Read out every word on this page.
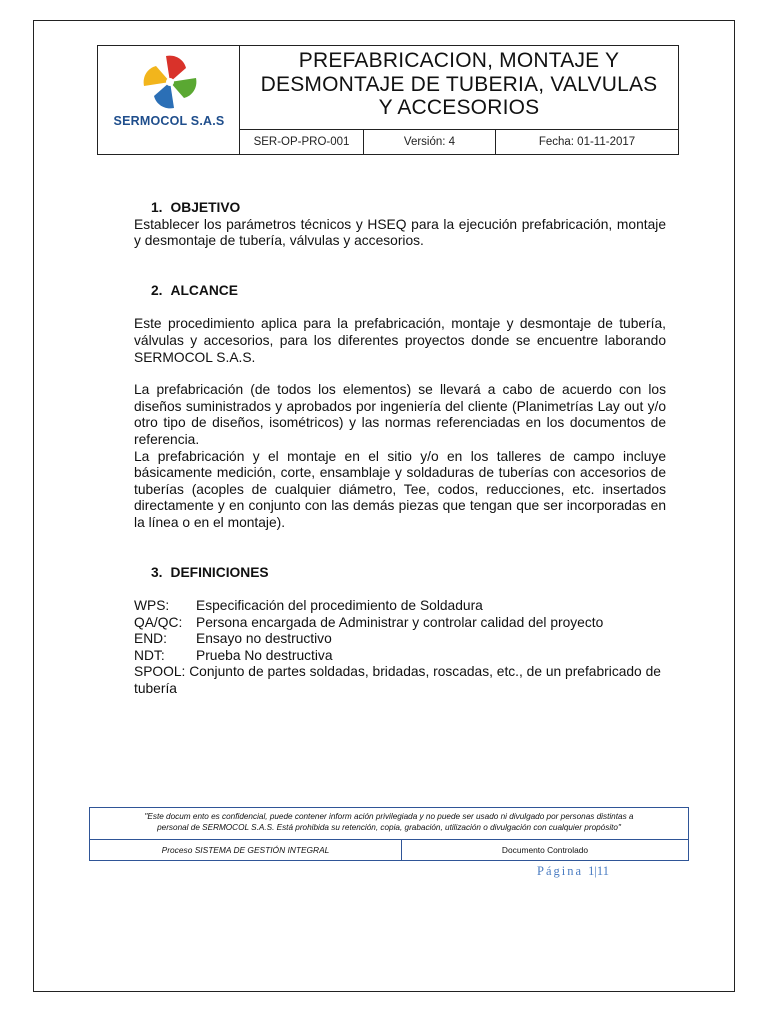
SERMOCOL S.A.S
PREFABRICACION, MONTAJE Y
DESMONTAJE DE TUBERIA, VALVULAS
Y ACCESORIOS
SER-OP-PRO-001	Versión: 4	Fecha: 01-11-2017
1. OBJETIVO

Establecer los parámetros técnicos y HSEQ para la ejecución prefabricación, montaje y desmontaje de tubería, válvulas y accesorios.

2. ALCANCE

Este procedimiento aplica para la prefabricación, montaje y desmontaje de tubería, válvulas y accesorios, para los diferentes proyectos donde se encuentre laborando SERMOCOL S.A.S.

La prefabricación (de todos los elementos) se llevará a cabo de acuerdo con los diseños suministrados y aprobados por ingeniería del cliente (Planimetrías Lay out y/o otro tipo de diseños, isométricos) y las normas referenciadas en los documentos de referencia.

La prefabricación y el montaje en el sitio y/o en los talleres de campo incluye básicamente medición, corte, ensamblaje y soldaduras de tuberías con accesorios de tuberías (acoples de cualquier diámetro, Tee, codos, reducciones, etc. insertados directamente y en conjunto con las demás piezas que tengan que ser incorporadas en la línea o en el montaje).

3. DEFINICIONES
WPS:	Especificación del procedimiento de Soldadura
QA/QC: Persona encargada de Administrar y controlar calidad del proyecto
END:	Ensayo no destructivo
NDT:	Prueba No destructiva
SPOOL: Conjunto de partes soldadas, bridadas, roscadas, etc., de un prefabricado de tubería
"Este docum ento es confidencial, puede contener inform ación privilegiada y no puede ser usado ni divulgado por personas distintas a
personal de SERMOCOL S.A.S. Está prohibida su retención, copia, grabación, utilización o divulgación con cualquier propósito"
Proceso SISTEMA DE GESTIÓN INTEGRAL	Documento Controlado
Página 1|11
